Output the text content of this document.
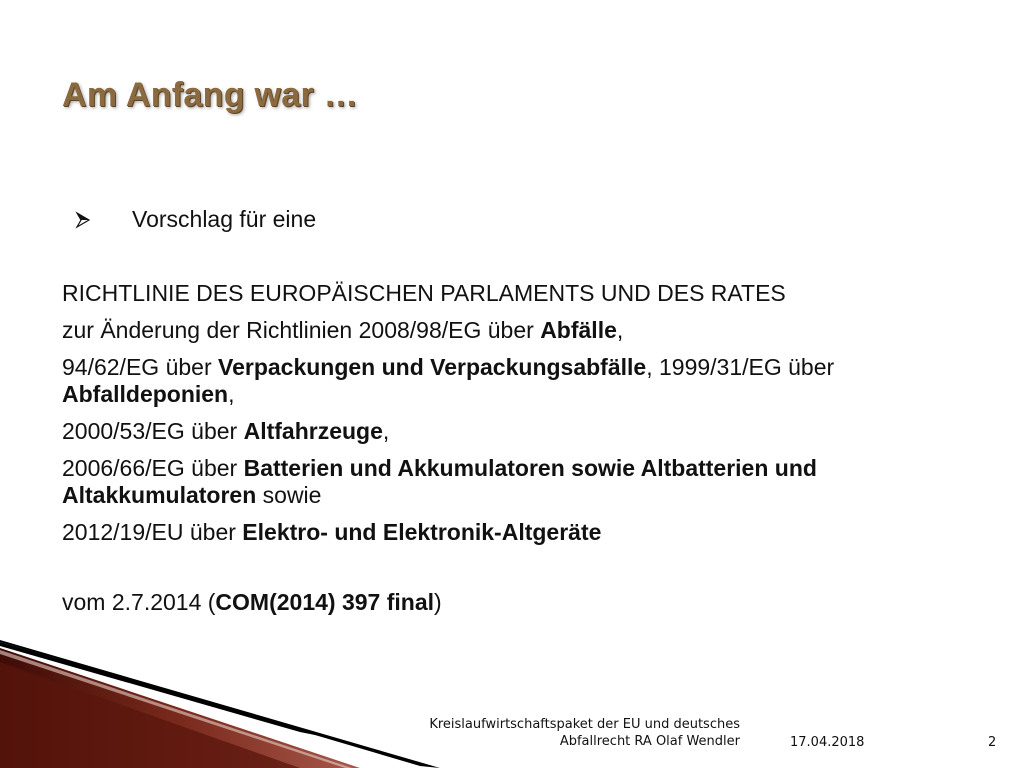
Am Anfang war …
Vorschlag für eine

RICHTLINIE DES EUROPÄISCHEN PARLAMENTS UND DES RATES

zur Änderung der Richtlinien 2008/98/EG über Abfälle,

94/62/EG über Verpackungen und Verpackungsabfälle, 1999/31/EG über Abfalldeponien,

2000/53/EG über Altfahrzeuge,

2006/66/EG über Batterien und Akkumulatoren sowie Altbatterien und Altakkumulatoren sowie

2012/19/EU über Elektro- und Elektronik-Altgeräte

vom 2.7.2014 (COM(2014) 397 final)

Kreislaufwirtschaftspaket der EU und deutsches
Abfallrecht RA Olaf Wendler	17.04.2018	2
